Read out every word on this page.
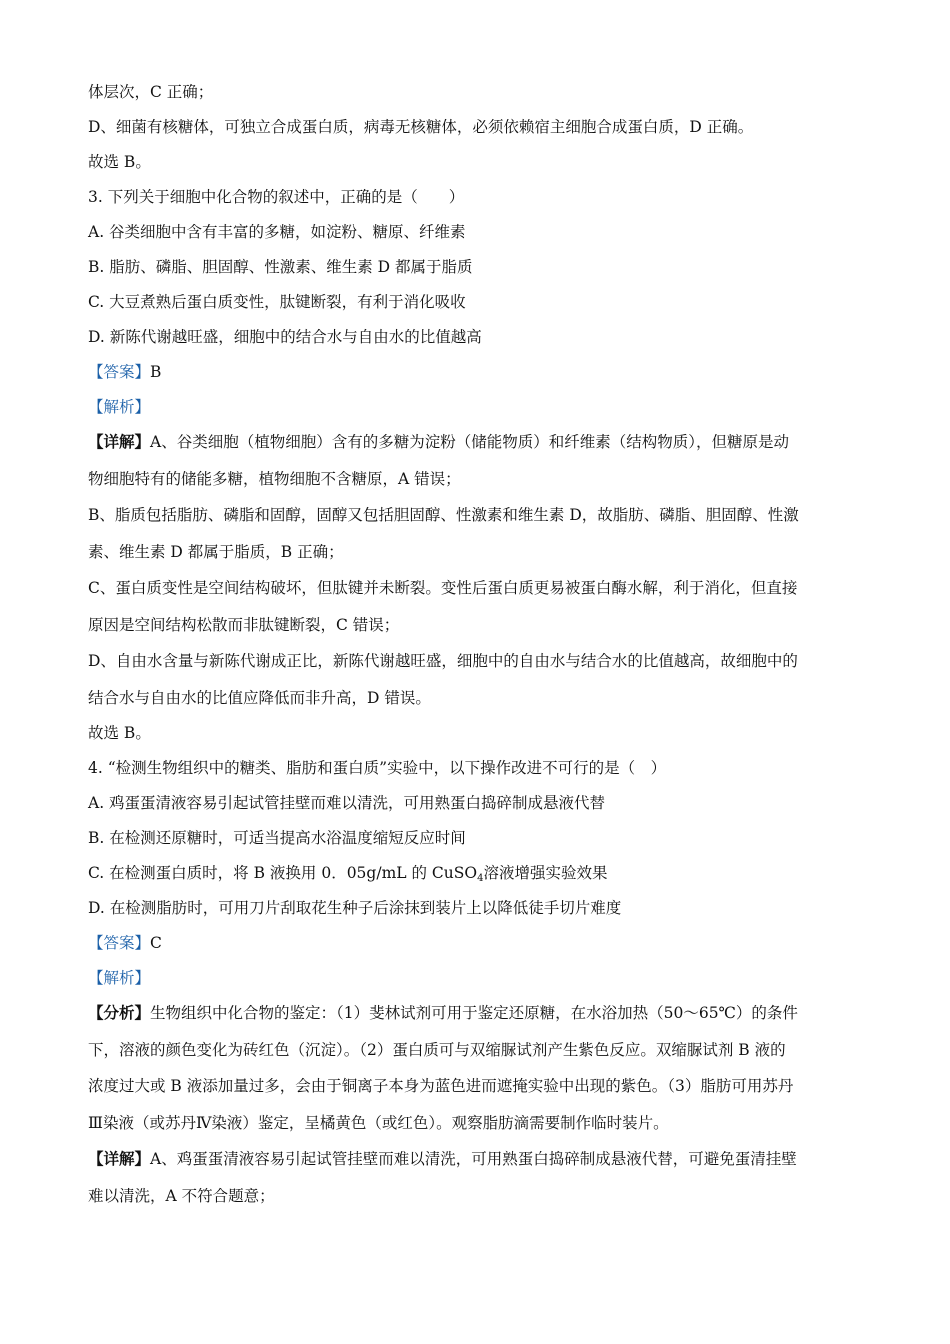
体层次，C 正确；
D、细菌有核糖体，可独立合成蛋白质，病毒无核糖体，必须依赖宿主细胞合成蛋白质，D 正确。
故选 B。
3. 下列关于细胞中化合物的叙述中，正确的是（　　）
A. 谷类细胞中含有丰富的多糖，如淀粉、糖原、纤维素
B. 脂肪、磷脂、胆固醇、性激素、维生素 D 都属于脂质
C. 大豆煮熟后蛋白质变性，肽键断裂，有利于消化吸收
D. 新陈代谢越旺盛，细胞中的结合水与自由水的比值越高
【答案】B
【解析】
【详解】A、谷类细胞（植物细胞）含有的多糖为淀粉（储能物质）和纤维素（结构物质），但糖原是动
物细胞特有的储能多糖，植物细胞不含糖原，A 错误；
B、脂质包括脂肪、磷脂和固醇，固醇又包括胆固醇、性激素和维生素 D，故脂肪、磷脂、胆固醇、性激
素、维生素 D 都属于脂质，B 正确；
C、蛋白质变性是空间结构破坏，但肽键并未断裂。变性后蛋白质更易被蛋白酶水解，利于消化，但直接
原因是空间结构松散而非肽键断裂，C 错误；
D、自由水含量与新陈代谢成正比，新陈代谢越旺盛，细胞中的自由水与结合水的比值越高，故细胞中的
结合水与自由水的比值应降低而非升高，D 错误。
故选 B。
4. “检测生物组织中的糖类、脂肪和蛋白质”实验中，以下操作改进不可行的是（　）
A. 鸡蛋蛋清液容易引起试管挂壁而难以清洗，可用熟蛋白捣碎制成悬液代替
B. 在检测还原糖时，可适当提高水浴温度缩短反应时间
C. 在检测蛋白质时，将 B 液换用 0．05g/mL 的 CuSO$_4$溶液增强实验效果
D. 在检测脂肪时，可用刀片刮取花生种子后涂抹到装片上以降低徒手切片难度
【答案】C
【解析】
【分析】生物组织中化合物的鉴定：（1）斐林试剂可用于鉴定还原糖，在水浴加热（50～65℃）的条件
下，溶液的颜色变化为砖红色（沉淀）。（2）蛋白质可与双缩脲试剂产生紫色反应。双缩脲试剂 B 液的
浓度过大或 B 液添加量过多，会由于铜离子本身为蓝色进而遮掩实验中出现的紫色。（3）脂肪可用苏丹
Ⅲ染液（或苏丹Ⅳ染液）鉴定，呈橘黄色（或红色）。观察脂肪滴需要制作临时装片。
【详解】A、鸡蛋蛋清液容易引起试管挂壁而难以清洗，可用熟蛋白捣碎制成悬液代替，可避免蛋清挂壁
难以清洗，A 不符合题意；
